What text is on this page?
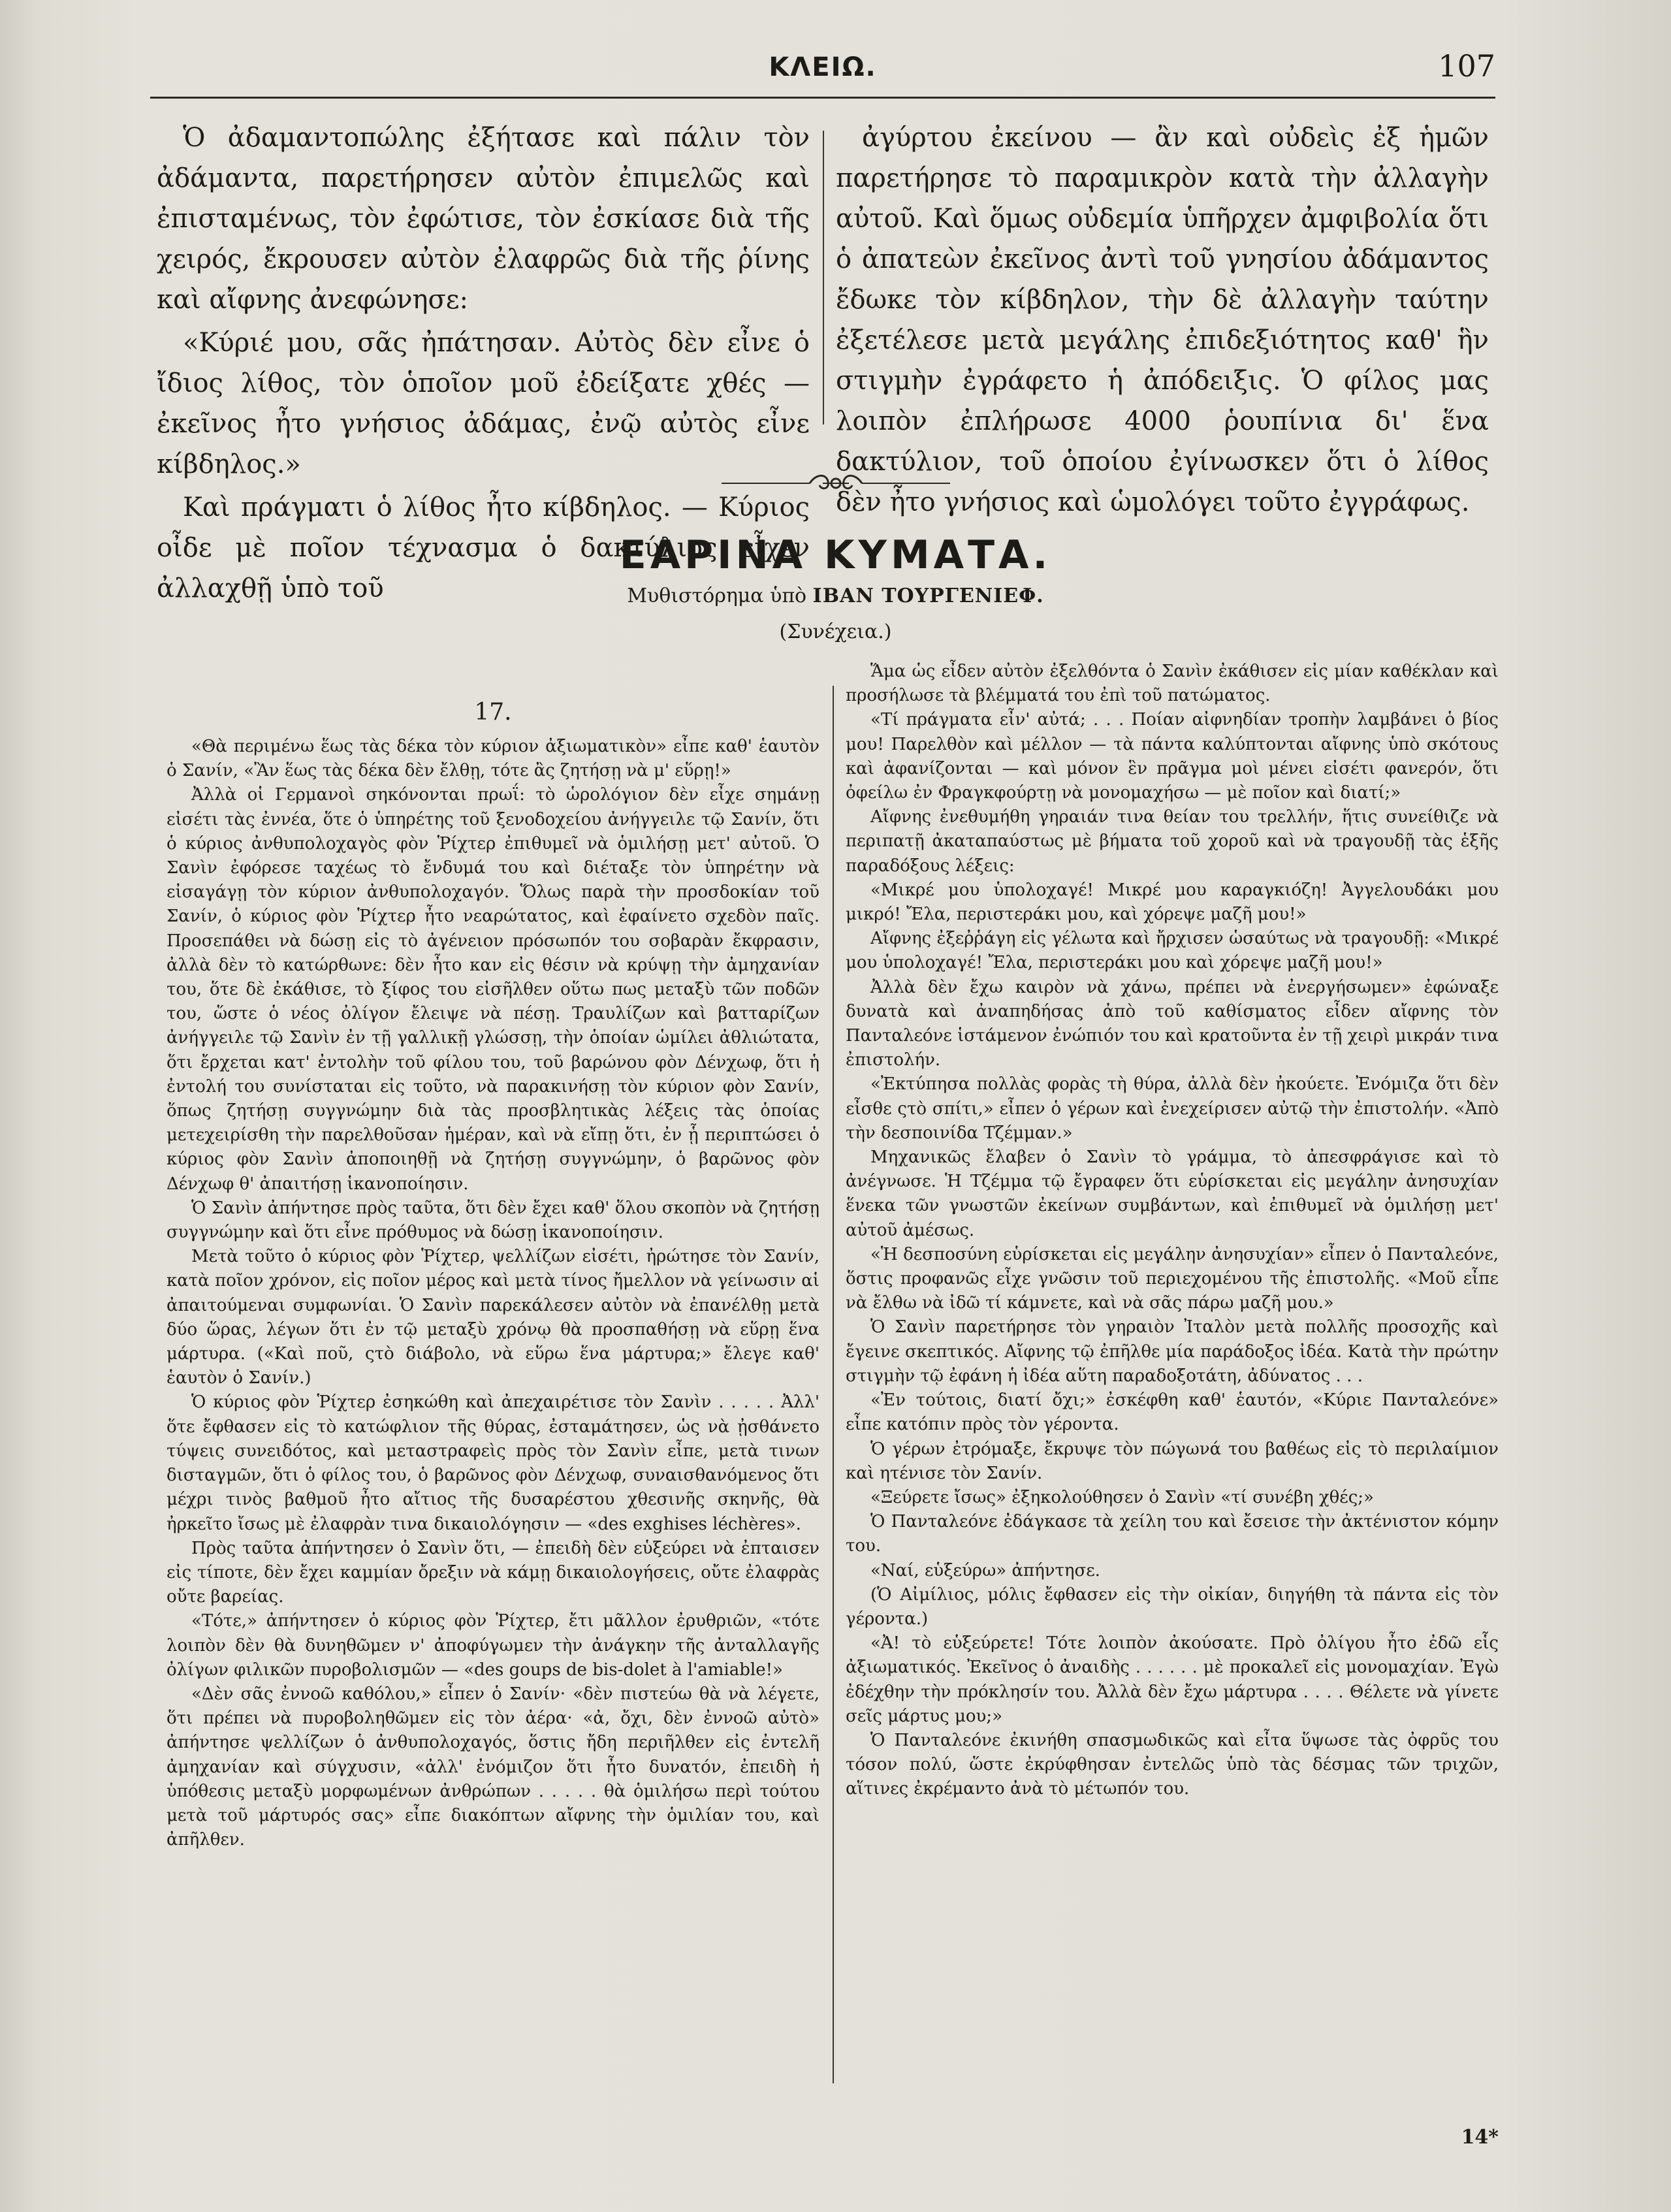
ΚΛΕΙΩ.	107

Ὁ ἀδαμαντοπώλης ἐξήτασε καὶ πάλιν τὸν ἀδάμαντα, παρετήρησεν αὐτὸν ἐπιμελῶς καὶ ἐπισταμένως, τὸν ἐφώτισε, τὸν ἐσκίασε διὰ τῆς χειρός, ἔκρουσεν αὐτὸν ἐλαφρῶς διὰ τῆς ῥίνης καὶ αἴφνης ἀνεφώνησε:

«Κύριέ μου, σᾶς ἠπάτησαν. Αὐτὸς δὲν εἶνε ὁ ἴδιος λίθος, τὸν ὁποῖον μοῦ ἐδείξατε χθές — ἐκεῖνος ἦτο γνήσιος ἀδάμας, ἐνῷ αὐτὸς εἶνε κίβδηλος.»

Καὶ πράγματι ὁ λίθος ἦτο κίβδηλος. — Κύριος οἶδε μὲ ποῖον τέχνασμα ὁ δακτύλιος εἶχεν ἀλλαχθῇ ὑπὸ τοῦ

ἀγύρτου ἐκείνου — ἂν καὶ οὐδεὶς ἐξ ἡμῶν παρετήρησε τὸ παραμικρὸν κατὰ τὴν ἀλλαγὴν αὐτοῦ. Καὶ ὅμως οὐδεμία ὑπῆρχεν ἀμφιβολία ὅτι ὁ ἀπατεὼν ἐκεῖνος ἀντὶ τοῦ γνησίου ἀδάμαντος ἔδωκε τὸν κίβδηλον, τὴν δὲ ἀλλαγὴν ταύτην ἐξετέλεσε μετὰ μεγάλης ἐπιδεξιότητος καθ' ἣν στιγμὴν ἐγράφετο ἡ ἀπόδειξις. Ὁ φίλος μας λοιπὸν ἐπλήρωσε 4000 ῥουπίνια δι' ἕνα δακτύλιον, τοῦ ὁποίου ἐγίνωσκεν ὅτι ὁ λίθος δὲν ἦτο γνήσιος καὶ ὡμολόγει τοῦτο ἐγγράφως.

ΕΑΡΙΝΑ ΚΥΜΑΤΑ.
Μυθιστόρημα ὑπὸ ΙΒΑΝ ΤΟΥΡΓΕΝΙΕΦ.
(Συνέχεια.)
17.

«Θὰ περιμένω ἕως τὰς δέκα τὸν κύριον ἀξιωματικὸν» εἶπε καθ' ἑαυτὸν ὁ Σανίν, «Ἂν ἕως τὰς δέκα δὲν ἔλθῃ, τότε ἂς ζητήσῃ νὰ μ' εὕρῃ!»

Ἀλλὰ οἱ Γερμανοὶ σηκόνονται πρωΐ: τὸ ὡρολόγιον δὲν εἶχε σημάνῃ εἰσέτι τὰς ἐννέα, ὅτε ὁ ὑπηρέτης τοῦ ξενοδοχείου ἀνήγγειλε τῷ Σανίν, ὅτι ὁ κύριος ἀνθυπολοχαγὸς φὸν Ῥίχτερ ἐπιθυμεῖ νὰ ὁμιλήσῃ μετ' αὐτοῦ. Ὁ Σανὶν ἐφόρεσε ταχέως τὸ ἔνδυμά του καὶ διέταξε τὸν ὑπηρέτην νὰ εἰσαγάγῃ τὸν κύριον ἀνθυπολοχαγόν. Ὅλως παρὰ τὴν προσδοκίαν τοῦ Σανίν, ὁ κύριος φὸν Ῥίχτερ ἦτο νεαρώτατος, καὶ ἐφαίνετο σχεδὸν παῖς. Προσεπάθει νὰ δώσῃ εἰς τὸ ἀγένειον πρόσωπόν του σοβαρὰν ἔκφρασιν, ἀλλὰ δὲν τὸ κατώρθωνε: δὲν ἦτο καν εἰς θέσιν νὰ κρύψῃ τὴν ἀμηχανίαν του, ὅτε δὲ ἐκάθισε, τὸ ξίφος του εἰσῆλθεν οὕτω πως μεταξὺ τῶν ποδῶν του, ὥστε ὁ νέος ὀλίγον ἔλειψε νὰ πέσῃ. Τραυλίζων καὶ βατταρίζων ἀνήγγειλε τῷ Σανὶν ἐν τῇ γαλλικῇ γλώσσῃ, τὴν ὁποίαν ὡμίλει ἀθλιώτατα, ὅτι ἔρχεται κατ' ἐντολὴν τοῦ φίλου του, τοῦ βαρώνου φὸν Δένχωφ, ὅτι ἡ ἐντολή του συνίσταται εἰς τοῦτο, νὰ παρακινήσῃ τὸν κύριον φὸν Σανίν, ὅπως ζητήσῃ συγγνώμην διὰ τὰς προσβλητικὰς λέξεις τὰς ὁποίας μετεχειρίσθη τὴν παρελθοῦσαν ἡμέραν, καὶ νὰ εἴπῃ ὅτι, ἐν ᾗ περιπτώσει ὁ κύριος φὸν Σανὶν ἀποποιηθῇ νὰ ζητήσῃ συγγνώμην, ὁ βαρῶνος φὸν Δένχωφ θ' ἀπαιτήσῃ ἱκανοποίησιν.

Ὁ Σανὶν ἀπήντησε πρὸς ταῦτα, ὅτι δὲν ἔχει καθ' ὅλου σκοπὸν νὰ ζητήσῃ συγγνώμην καὶ ὅτι εἶνε πρόθυμος νὰ δώσῃ ἱκανοποίησιν.

Μετὰ τοῦτο ὁ κύριος φὸν Ῥίχτερ, ψελλίζων εἰσέτι, ἠρώτησε τὸν Σανίν, κατὰ ποῖον χρόνον, εἰς ποῖον μέρος καὶ μετὰ τίνος ἤμελλον νὰ γείνωσιν αἱ ἀπαιτούμεναι συμφωνίαι. Ὁ Σανὶν παρεκάλεσεν αὐτὸν νὰ ἐπανέλθῃ μετὰ δύο ὥρας, λέγων ὅτι ἐν τῷ μεταξὺ χρόνῳ θὰ προσπαθήσῃ νὰ εὕρῃ ἕνα μάρτυρα. («Καὶ ποῦ, ςτὸ διάβολο, νὰ εὕρω ἕνα μάρτυρα;» ἔλεγε καθ' ἑαυτὸν ὁ Σανίν.)

Ὁ κύριος φὸν Ῥίχτερ ἐσηκώθη καὶ ἀπεχαιρέτισε τὸν Σανὶν . . . . . Ἀλλ' ὅτε ἔφθασεν εἰς τὸ κατώφλιον τῆς θύρας, ἐσταμάτησεν, ὡς νὰ ᾐσθάνετο τύψεις συνειδότος, καὶ μεταστραφεὶς πρὸς τὸν Σανὶν εἶπε, μετὰ τινων δισταγμῶν, ὅτι ὁ φίλος του, ὁ βαρῶνος φὸν Δένχωφ, συναισθανόμενος ὅτι μέχρι τινὸς βαθμοῦ ἦτο αἴτιος τῆς δυσαρέστου χθεσινῆς σκηνῆς, θὰ ἠρκεῖτο ἴσως μὲ ἐλαφρὰν τινα δικαιολόγησιν — «des exghises léchères».

Πρὸς ταῦτα ἀπήντησεν ὁ Σανὶν ὅτι, — ἐπειδὴ δὲν εὑξεύρει νὰ ἐπταισεν εἰς τίποτε, δὲν ἔχει καμμίαν ὄρεξιν νὰ κάμῃ δικαιολογήσεις, οὔτε ἐλαφρὰς οὔτε βαρείας.

«Τότε,» ἀπήντησεν ὁ κύριος φὸν Ῥίχτερ, ἔτι μᾶλλον ἐρυθριῶν, «τότε λοιπὸν δὲν θὰ δυνηθῶμεν ν' ἀποφύγωμεν τὴν ἀνάγκην τῆς ἀνταλλαγῆς ὀλίγων φιλικῶν πυροβολισμῶν — «des goups de bis-dolet à l'amiable!»

«Δὲν σᾶς ἐννοῶ καθόλου,» εἶπεν ὁ Σανίν· «δὲν πιστεύω θὰ νὰ λέγετε, ὅτι πρέπει νὰ πυροβοληθῶμεν εἰς τὸν ἀέρα· «ἀ, ὄχι, δὲν ἐννοῶ αὐτὸ» ἀπήντησε ψελλίζων ὁ ἀνθυπολοχαγός, ὅστις ἤδη περιῆλθεν εἰς ἐντελῆ ἀμηχανίαν καὶ σύγχυσιν, «ἀλλ' ἐνόμιζον ὅτι ἦτο δυνατόν, ἐπειδὴ ἡ ὑπόθεσις μεταξὺ μορφωμένων ἀνθρώπων . . . . . θὰ ὁμιλήσω περὶ τούτου μετὰ τοῦ μάρτυρός σας» εἶπε διακόπτων αἴφνης τὴν ὁμιλίαν του, καὶ ἀπῆλθεν.

Ἅμα ὡς εἶδεν αὐτὸν ἐξελθόντα ὁ Σανὶν ἐκάθισεν εἰς μίαν καθέκλαν καὶ προσήλωσε τὰ βλέμματά του ἐπὶ τοῦ πατώματος.

«Τί πράγματα εἶν' αὐτά; . . . Ποίαν αἰφνηδίαν τροπὴν λαμβάνει ὁ βίος μου! Παρελθὸν καὶ μέλλον — τὰ πάντα καλύπτονται αἴφνης ὑπὸ σκότους καὶ ἀφανίζονται — καὶ μόνον ἓν πρᾶγμα μοὶ μένει εἰσέτι φανερόν, ὅτι ὀφείλω ἐν Φραγκφούρτῃ νὰ μονομαχήσω — μὲ ποῖον καὶ διατί;»

Αἴφνης ἐνεθυμήθη γηραιάν τινα θείαν του τρελλήν, ἥτις συνείθιζε νὰ περιπατῇ ἀκαταπαύστως μὲ βήματα τοῦ χοροῦ καὶ νὰ τραγουδῇ τὰς ἑξῆς παραδόξους λέξεις:

«Μικρέ μου ὑπολοχαγέ! Μικρέ μου καραγκιόζη! Ἀγγελουδάκι μου μικρό! Ἔλα, περιστεράκι μου, καὶ χόρεψε μαζῆ μου!»

Αἴφνης ἐξεῤῥάγη εἰς γέλωτα καὶ ἤρχισεν ὡσαύτως νὰ τραγουδῇ: «Μικρέ μου ὑπολοχαγέ! Ἔλα, περιστεράκι μου καὶ χόρεψε μαζῆ μου!»

Ἀλλὰ δὲν ἔχω καιρὸν νὰ χάνω, πρέπει νὰ ἐνεργήσωμεν» ἐφώναξε δυνατὰ καὶ ἀναπηδήσας ἀπὸ τοῦ καθίσματος εἶδεν αἴφνης τὸν Πανταλεόνε ἱστάμενον ἐνώπιόν του καὶ κρατοῦντα ἐν τῇ χειρὶ μικράν τινα ἐπιστολήν.

«Ἐκτύπησα πολλὰς φορὰς τὴ θύρα, ἀλλὰ δὲν ἠκούετε. Ἐνόμιζα ὅτι δὲν εἶσθε ςτὸ σπίτι,» εἶπεν ὁ γέρων καὶ ἐνεχείρισεν αὐτῷ τὴν ἐπιστολήν. «Ἀπὸ τὴν δεσποινίδα Τζέμμαν.»

Μηχανικῶς ἔλαβεν ὁ Σανὶν τὸ γράμμα, τὸ ἀπεσφράγισε καὶ τὸ ἀνέγνωσε. Ἡ Τζέμμα τῷ ἔγραφεν ὅτι εὑρίσκεται εἰς μεγάλην ἀνησυχίαν ἕνεκα τῶν γνωστῶν ἐκείνων συμβάντων, καὶ ἐπιθυμεῖ νὰ ὁμιλήσῃ μετ' αὐτοῦ ἀμέσως.

«Ἡ δεσποσύνη εὑρίσκεται εἰς μεγάλην ἀνησυχίαν» εἶπεν ὁ Πανταλεόνε, ὅστις προφανῶς εἶχε γνῶσιν τοῦ περιεχομένου τῆς ἐπιστολῆς. «Μοῦ εἶπε νὰ ἔλθω νὰ ἰδῶ τί κάμνετε, καὶ νὰ σᾶς πάρω μαζῆ μου.»

Ὁ Σανὶν παρετήρησε τὸν γηραιὸν Ἰταλὸν μετὰ πολλῆς προσοχῆς καὶ ἔγεινε σκεπτικός. Αἴφνης τῷ ἐπῆλθε μία παράδοξος ἰδέα. Κατὰ τὴν πρώτην στιγμὴν τῷ ἐφάνη ἡ ἰδέα αὕτη παραδοξοτάτη, ἀδύνατος . . .

«Ἐν τούτοις, διατί ὄχι;» ἐσκέφθη καθ' ἑαυτόν, «Κύριε Πανταλεόνε» εἶπε κατόπιν πρὸς τὸν γέροντα.

Ὁ γέρων ἐτρόμαξε, ἔκρυψε τὸν πώγωνά του βαθέως εἰς τὸ περιλαίμιον καὶ ητένισε τὸν Σανίν.

«Ξεύρετε ἴσως» ἐξηκολούθησεν ὁ Σανὶν «τί συνέβη χθές;»

Ὁ Πανταλεόνε ἐδάγκασε τὰ χείλη του καὶ ἔσεισε τὴν ἀκτένιστον κόμην του.

«Ναί, εὑξεύρω» ἀπήντησε.

(Ὁ Αἰμίλιος, μόλις ἔφθασεν εἰς τὴν οἰκίαν, διηγήθη τὰ πάντα εἰς τὸν γέροντα.)

«Ἀ! τὸ εὑξεύρετε! Τότε λοιπὸν ἀκούσατε. Πρὸ ὀλίγου ἦτο ἐδῶ εἷς ἀξιωματικός. Ἐκεῖνος ὁ ἀναιδὴς . . . . . . μὲ προκαλεῖ εἰς μονομαχίαν. Ἐγὼ ἐδέχθην τὴν πρόκλησίν του. Ἀλλὰ δὲν ἔχω μάρτυρα . . . . Θέλετε νὰ γίνετε σεῖς μάρτυς μου;»

Ὁ Πανταλεόνε ἐκινήθη σπασμωδικῶς καὶ εἶτα ὕψωσε τὰς ὀφρῦς του τόσον πολύ, ὥστε ἐκρύφθησαν ἐντελῶς ὑπὸ τὰς δέσμας τῶν τριχῶν, αἵτινες ἐκρέμαντο ἀνὰ τὸ μέτωπόν του.

14*
